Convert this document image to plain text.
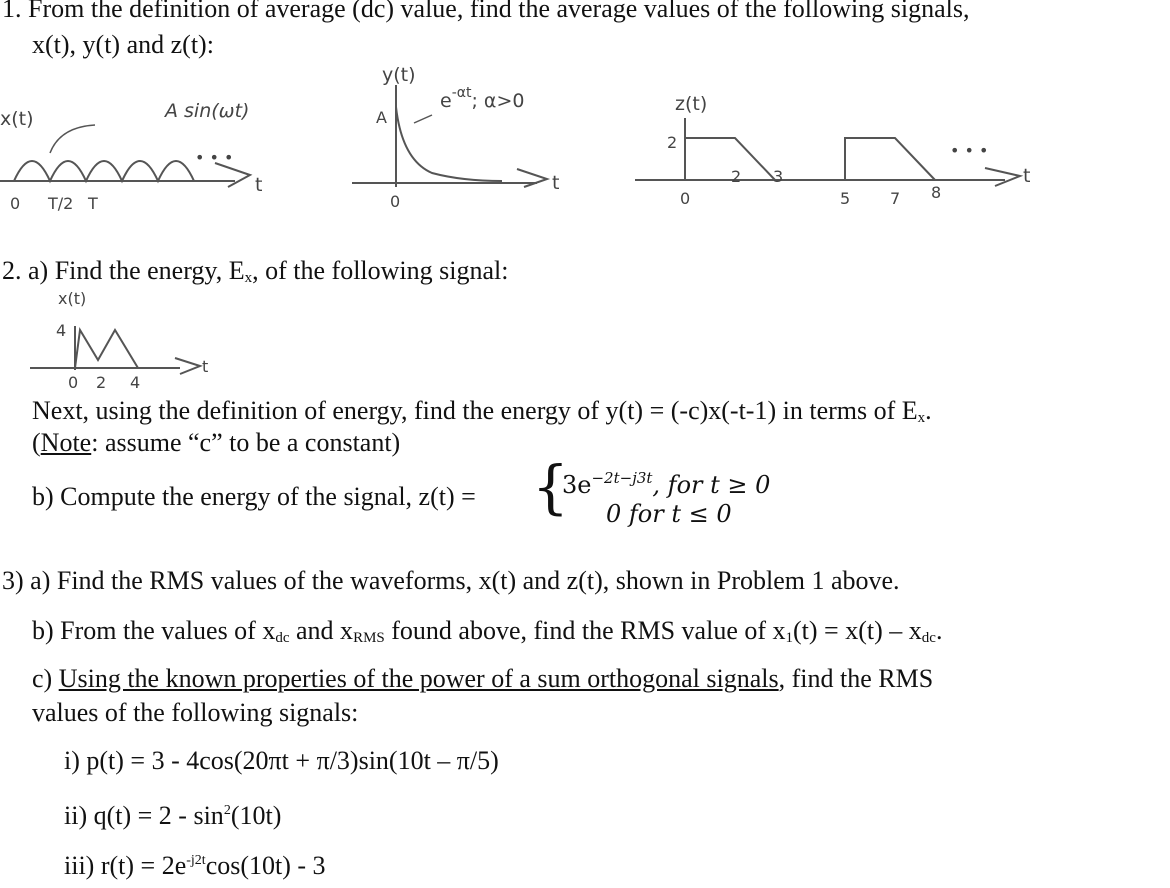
1. From the definition of average (dc) value, find the average values of the following signals,
x(t), y(t) and z(t):
x(t)	A sin(ωt)
• • •
t
0 T/2 T
y(t)
A
$e^{-\alpha t}$; α>0
t
0
z(t)
2	• • •
t
0
2 3
5 7 8
2. a) Find the energy, $E_x$, of the following signal:
x(t)
4
t
0 2 4
Next, using the definition of energy, find the energy of y(t) = (-c)x(-t-1) in terms of $E_x$.
(Note: assume “c” to be a constant)
b) Compute the energy of the signal, z(t) = {
$3e^{-2t-j3t}$, for t ≥ 0
0 for t ≤ 0
3) a) Find the RMS values of the waveforms, x(t) and z(t), shown in Problem 1 above.
b) From the values of $x_{dc}$ and $x_{RMS}$ found above, find the RMS value of $x_1(t) = x(t) - x_{dc}$.
c) Using the known properties of the power of a sum orthogonal signals, find the RMS
values of the following signals:
i) p(t) = 3 - 4cos(20πt + π/3)sin(10t – π/5)
ii) $q(t) = 2 - \sin^2(10t)$
iii) $r(t) = 2e^{-j2t}\cos(10t) - 3$
